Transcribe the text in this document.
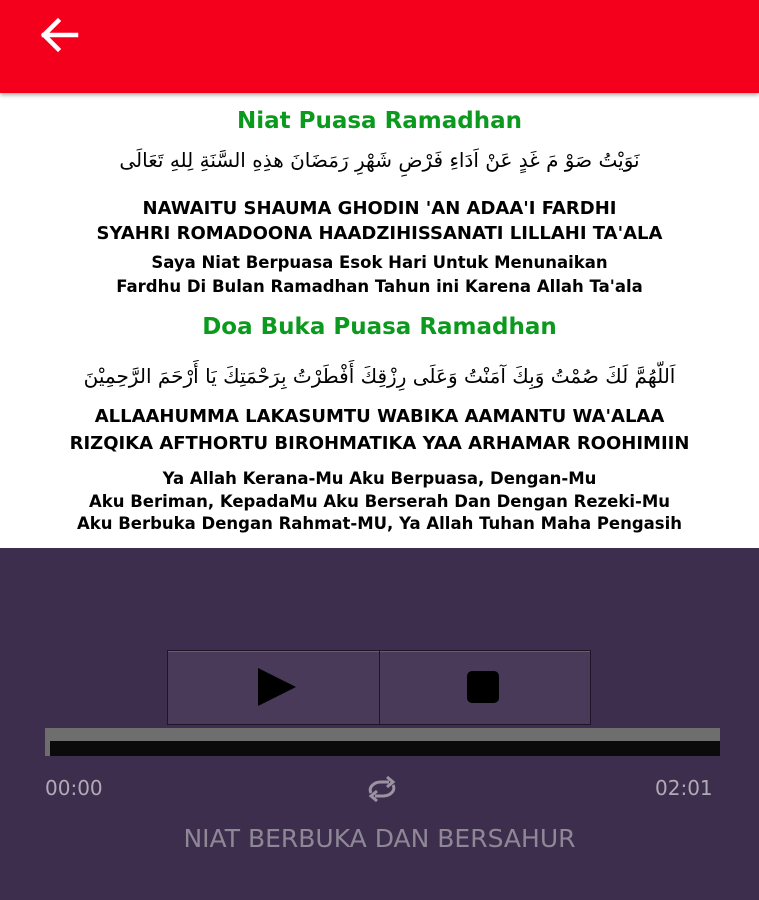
Niat Puasa Ramadhan
نَوَيْتُ صَوْ مَ غَدٍ عَنْ اَدَاءِ فَرْضِ شَهْرِ رَمَضَانَ هذِهِ السَّنَةِ لِلهِ تَعَالَى
NAWAITU SHAUMA GHODIN 'AN ADAA'I FARDHI
SYAHRI ROMADOONA HAADZIHISSANATI LILLAHI TA'ALA
Saya Niat Berpuasa Esok Hari Untuk Menunaikan
Fardhu Di Bulan Ramadhan Tahun ini Karena Allah Ta'ala
Doa Buka Puasa Ramadhan
اَللّهُمَّ لَكَ صُمْتُ وَبِكَ آمَنْتُ وَعَلَى رِزْقِكَ أَفْطَرْتُ بِرَحْمَتِكَ يَا أَرْحَمَ الرَّحِمِيْنَ
ALLAAHUMMA LAKASUMTU WABIKA AAMANTU WA'ALAA
RIZQIKA AFTHORTU BIROHMATIKA YAA ARHAMAR ROOHIMIIN
Ya Allah Kerana-Mu Aku Berpuasa, Dengan-Mu
Aku Beriman, KepadaMu Aku Berserah Dan Dengan Rezeki-Mu
Aku Berbuka Dengan Rahmat-MU, Ya Allah Tuhan Maha Pengasih
00:00	02:01
NIAT BERBUKA DAN BERSAHUR
